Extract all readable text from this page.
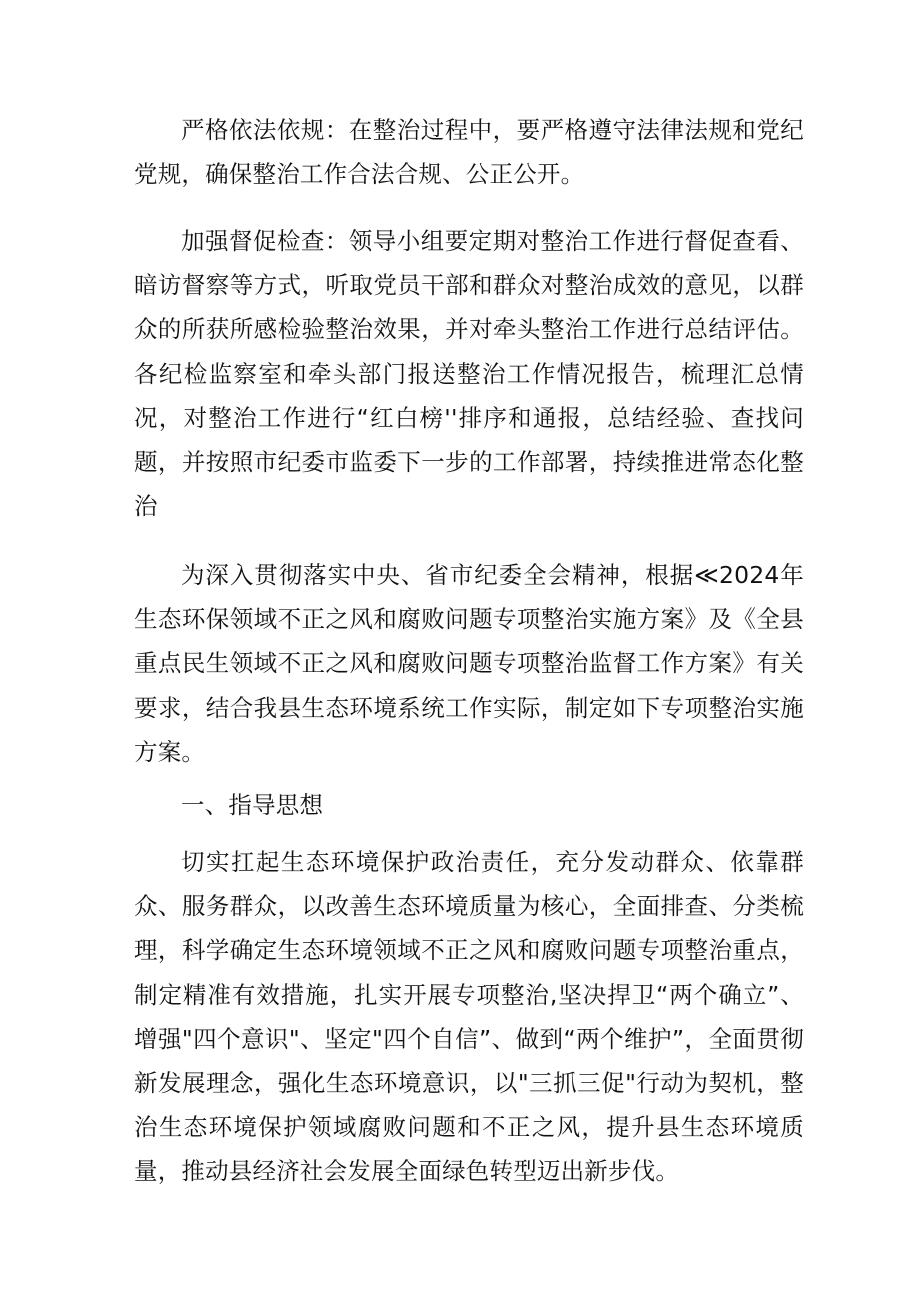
严格依法依规：在整治过程中，要严格遵守法律法规和党纪党规，确保整治工作合法合规、公正公开。

加强督促检查：领导小组要定期对整治工作进行督促查看、暗访督察等方式，听取党员干部和群众对整治成效的意见，以群众的所获所感检验整治效果，并对牵头整治工作进行总结评估。各纪检监察室和牵头部门报送整治工作情况报告，梳理汇总情况，对整治工作进行“红白榜''排序和通报，总结经验、查找问题，并按照市纪委市监委下一步的工作部署，持续推进常态化整治

为深入贯彻落实中央、省市纪委全会精神，根据≪2024年生态环保领域不正之风和腐败问题专项整治实施方案》及《全县重点民生领域不正之风和腐败问题专项整治监督工作方案》有关要求，结合我县生态环境系统工作实际，制定如下专项整治实施方案。

一、指导思想

切实扛起生态环境保护政治责任，充分发动群众、依靠群众、服务群众，以改善生态环境质量为核心，全面排查、分类梳理，科学确定生态环境领域不正之风和腐败问题专项整治重点，制定精准有效措施，扎实开展专项整治,坚决捍卫“两个确立”、增强"四个意识"、坚定"四个自信”、做到“两个维护”，全面贯彻新发展理念，强化生态环境意识，以"三抓三促"行动为契机，整治生态环境保护领域腐败问题和不正之风，提升县生态环境质量，推动县经济社会发展全面绿色转型迈出新步伐。
